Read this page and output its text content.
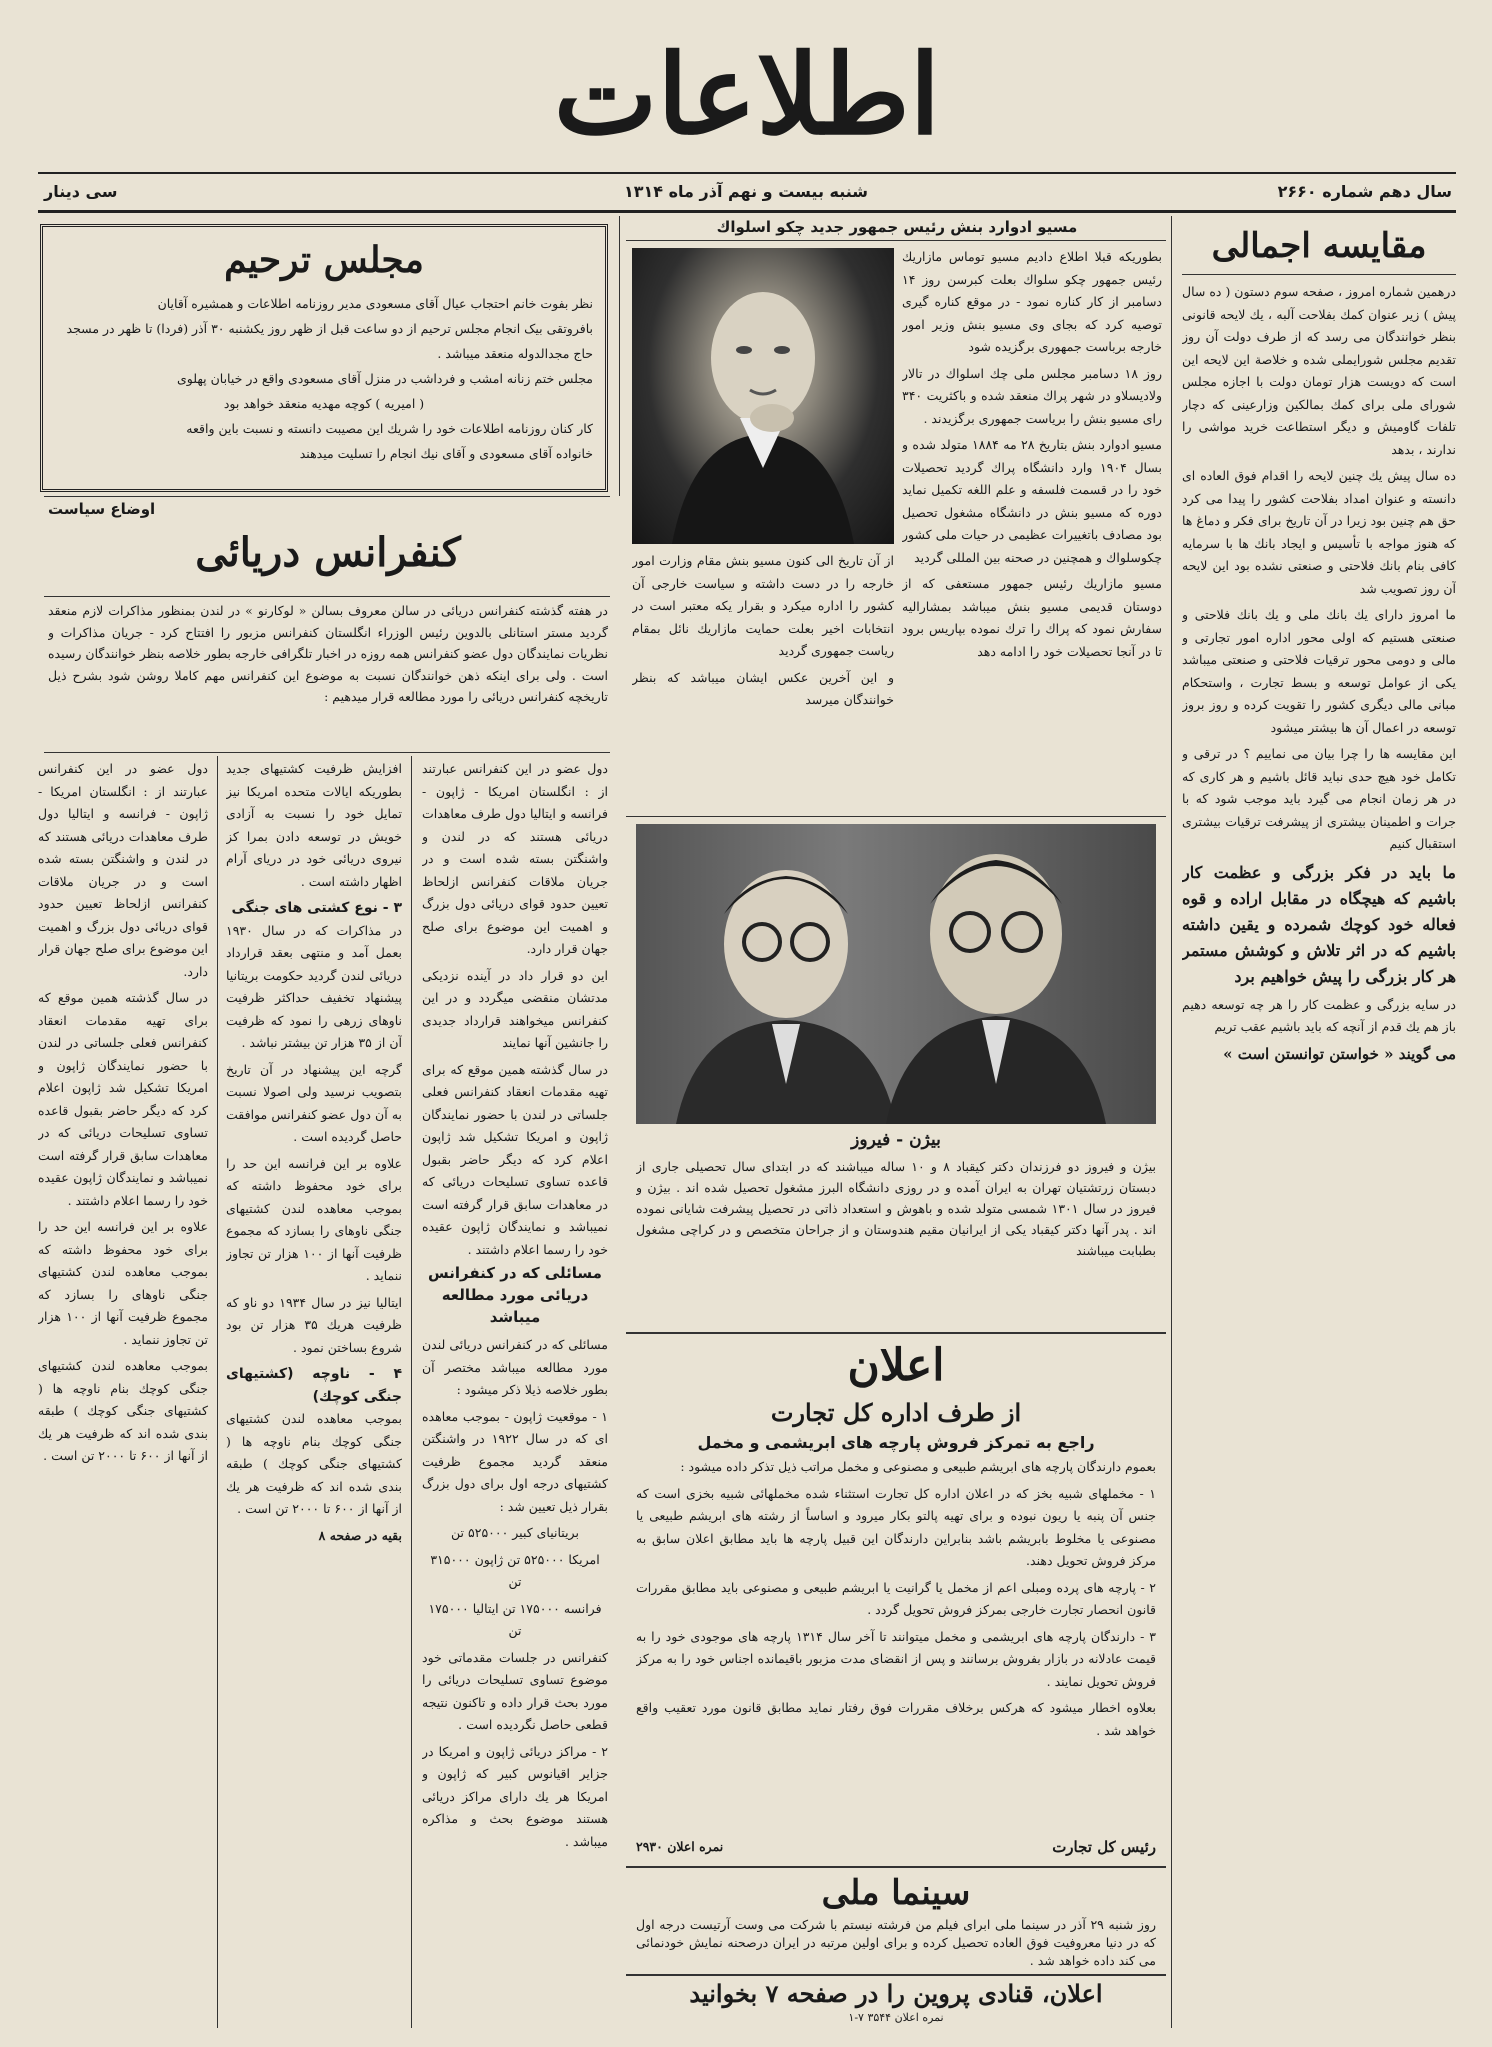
اطلاعات
سال دهم شماره ۲۶۶۰
شنبه بیست و نهم آذر ماه ۱۳۱۴
سی دینار
مقایسه اجمالی

درهمین شماره امروز ، صفحه سوم دستون ( ده سال پیش ) زیر عنوان کمك بفلاحت آلبه ، یك لایحه قانونی بنظر خوانندگان می رسد که از طرف دولت آن روز تقدیم مجلس شورایملی شده و خلاصة این لایحه این است که دویست هزار تومان دولت با اجازه مجلس شورای ملی برای کمك بمالکین وزارعینی که دچار تلفات گاومیش و دیگر استطاعت خرید مواشی را ندارند ، بدهد

ده سال پیش یك چنین لایحه را اقدام فوق العاده ای دانسته و عنوان امداد بفلاحت کشور را پیدا می کرد حق هم چنین بود زیرا در آن تاریخ برای فکر و دماغ ها که هنوز مواجه با تأسیس و ایجاد بانك ها با سرمایه کافی بنام بانك فلاحتی و صنعتی نشده بود این لایحه آن روز تصویب شد

ما امروز دارای یك بانك ملی و یك بانك فلاحتی و صنعتی هستیم که اولی محور اداره امور تجارتی و مالی و دومی محور ترقیات فلاحتی و صنعتی میباشد یکی از عوامل توسعه و بسط تجارت ، واستحکام مبانی مالی دیگری کشور را تقویت کرده و روز بروز توسعه در اعمال آن ها بیشتر میشود

این مقایسه ها را چرا بیان می نماییم ؟ در ترقی و تکامل خود هیچ حدی نباید قائل باشیم و هر کاری که در هر زمان انجام می گیرد باید موجب شود که با جرات و اطمینان بیشتری از پیشرفت ترقیات بیشتری استقبال کنیم

ما باید در فکر بزرگی و عظمت کار باشیم که هیچگاه در مقابل اراده و قوه فعاله خود کوچك شمرده و یقین داشته باشیم که در اثر تلاش و کوشش مستمر هر کار بزرگی را پیش خواهیم برد

در سایه بزرگی و عظمت کار را هر چه توسعه دهیم باز هم یك قدم از آنچه که باید باشیم عقب تریم

می گویند « خواستن توانستن است »

مسیو ادوارد بنش رئیس جمهور جدید چکو اسلواك

بطوریکه قبلا اطلاع دادیم مسیو توماس مازاریك رئیس جمهور چکو سلواك بعلت کبرسن روز ۱۴ دسامبر از کار کناره نمود - در موقع کناره گیری توصیه کرد که بجای وی مسیو بنش وزیر امور خارجه برباست جمهوری برگزیده شود

روز ۱۸ دسامبر مجلس ملی چك اسلواك در تالار ولادیسلاو در شهر پراك منعقد شده و باکثریت ۳۴۰ رای مسیو بنش را بریاست جمهوری برگزیدند .

مسیو ادوارد بنش بتاریخ ۲۸ مه ۱۸۸۴ متولد شده و بسال ۱۹۰۴ وارد دانشگاه پراك گردید تحصیلات خود را در قسمت فلسفه و علم اللغه تکمیل نماید دوره که مسیو بنش در دانشگاه مشغول تحصیل بود مصادف باتغییرات عظیمی در حیات ملی کشور چکوسلواك و همچنین در صحنه بین المللی گردید

مسیو مازاریك رئیس جمهور مستعفی که از دوستان قدیمی مسیو بنش میباشد بمشارالیه سفارش نمود که پراك را ترك نموده بپاریس برود تا در آنجا تحصیلات خود را ادامه دهد

از آن تاریخ الی کنون مسیو بنش مقام وزارت امور خارجه را در دست داشته و سیاست خارجی آن کشور را اداره میکرد و بقرار یکه معتبر است در انتخابات اخیر بعلت حمایت مازاریك نائل بمقام ریاست جمهوری گردید

و این آخرین عکس ایشان میباشد که بنظر خوانندگان میرسد

مجلس ترحیم

نظر بفوت خانم احتجاب عیال آقای مسعودی مدیر روزنامه اطلاعات و همشیره آقایان

بافروتقی بیک انجام مجلس ترحیم از دو ساعت قبل از ظهر روز یکشنبه ۳۰ آذر (فردا) تا ظهر در مسجد

حاج مجدالدوله منعقد میباشد .

مجلس ختم زنانه امشب و فرداشب در منزل آقای مسعودی واقع در خیابان پهلوی

( امیریه ) کوچه مهدیه منعقد خواهد بود

کار کنان روزنامه اطلاعات خود را شریك این مصیبت دانسته و نسبت باین واقعه

خانواده آقای مسعودی و آقای نیك انجام را تسلیت میدهند

اوضاع سیاست
کنفرانس دریائی
در هفته گذشته کنفرانس دریائی در سالن معروف بسالن « لوکارنو » در لندن بمنظور مذاکرات لازم منعقد گردید مستر استانلی بالدوین رئیس الوزراء انگلستان کنفرانس مزبور را افتتاح کرد - جریان مذاکرات و نظریات نمایندگان دول عضو کنفرانس همه روزه در اخبار تلگرافی خارجه بطور خلاصه بنظر خوانندگان رسیده است . ولی برای اینکه ذهن خوانندگان نسبت به موضوع این کنفرانس مهم کاملا روشن شود بشرح ذیل تاریخچه کنفرانس دریائی را مورد مطالعه قرار میدهیم :

دول عضو در این کنفرانس عبارتند از : انگلستان امریکا - ژاپون - فرانسه و ایتالیا دول طرف معاهدات دریائی هستند که در لندن و واشنگتن بسته شده است و در جریان ملاقات کنفرانس ازلحاظ تعیین حدود قوای دریائی دول بزرگ و اهمیت این موضوع برای صلح جهان قرار دارد.

این دو قرار داد در آینده نزدیکی مدتشان منقضی میگردد و در این کنفرانس میخواهند قرارداد جدیدی را جانشین آنها نمایند

در سال گذشته همین موقع که برای تهیه مقدمات انعقاد کنفرانس فعلی جلساتی در لندن با حضور نمایندگان ژاپون و امریکا تشکیل شد ژاپون اعلام کرد که دیگر حاضر بقبول قاعده تساوی تسلیحات دریائی که در معاهدات سابق قرار گرفته است نمیباشد و نمایندگان ژاپون عقیده خود را رسما اعلام داشتند .

مسائلی که در کنفرانس دریائی مورد مطالعه میباشد

مسائلی که در کنفرانس دریائی لندن مورد مطالعه میباشد مختصر آن بطور خلاصه ذیلا ذکر میشود :

۱ - موقعیت ژاپون - بموجب معاهده ای که در سال ۱۹۲۲ در واشنگتن منعقد گردید مجموع ظرفیت کشتیهای درجه اول برای دول بزرگ بقرار ذیل تعیین شد :

بریتانیای کبیر ۵۲۵۰۰۰ تن

امریکا ۵۲۵۰۰۰ تن ژاپون ۳۱۵۰۰۰ تن

فرانسه ۱۷۵۰۰۰ تن ایتالیا ۱۷۵۰۰۰ تن

کنفرانس در جلسات مقدماتی خود موضوع تساوی تسلیحات دریائی را مورد بحث قرار داده و تاکنون نتیجه قطعی حاصل نگردیده است .

۲ - مراکز دریائی ژاپون و امریکا در جزایر اقیانوس کبیر که ژاپون و امریکا هر یك دارای مراکز دریائی هستند موضوع بحث و مذاکره میباشد .

افزایش ظرفیت کشتیهای جدید بطوریکه ایالات متحده امریکا نیز تمایل خود را نسبت به آزادی خویش در توسعه دادن بمرا کز نیروی دریائی خود در دریای آرام اظهار داشته است .

۳ - نوع کشتی های جنگی

در مذاکرات که در سال ۱۹۳۰ بعمل آمد و منتهی بعقد قرارداد دریائی لندن گردید حکومت بریتانیا پیشنهاد تخفیف حداکثر ظرفیت ناوهای زرهی را نمود که ظرفیت آن از ۳۵ هزار تن بیشتر نباشد .

گرچه این پیشنهاد در آن تاریخ بتصویب نرسید ولی اصولا نسبت به آن دول عضو کنفرانس موافقت حاصل گردیده است .

علاوه بر این فرانسه این حد را برای خود محفوظ داشته که بموجب معاهده لندن کشتیهای جنگی ناوهای را بسازد که مجموع ظرفیت آنها از ۱۰۰ هزار تن تجاوز ننماید .

ایتالیا نیز در سال ۱۹۳۴ دو ناو که ظرفیت هریك ۳۵ هزار تن بود شروع بساختن نمود .

۴ - ناوچه (کشتیهای جنگی کوچك)

بموجب معاهده لندن کشتیهای جنگی کوچك بنام ناوچه ها ( کشتیهای جنگی کوچك ) طبقه بندی شده اند که ظرفیت هر یك از آنها از ۶۰۰ تا ۲۰۰۰ تن است .

بقیه در صفحه ۸

دول عضو در این کنفرانس عبارتند از : انگلستان امریکا - ژاپون - فرانسه و ایتالیا دول طرف معاهدات دریائی هستند که در لندن و واشنگتن بسته شده است و در جریان ملاقات کنفرانس ازلحاظ تعیین حدود قوای دریائی دول بزرگ و اهمیت این موضوع برای صلح جهان قرار دارد.

در سال گذشته همین موقع که برای تهیه مقدمات انعقاد کنفرانس فعلی جلساتی در لندن با حضور نمایندگان ژاپون و امریکا تشکیل شد ژاپون اعلام کرد که دیگر حاضر بقبول قاعده تساوی تسلیحات دریائی که در معاهدات سابق قرار گرفته است نمیباشد و نمایندگان ژاپون عقیده خود را رسما اعلام داشتند .

علاوه بر این فرانسه این حد را برای خود محفوظ داشته که بموجب معاهده لندن کشتیهای جنگی ناوهای را بسازد که مجموع ظرفیت آنها از ۱۰۰ هزار تن تجاوز ننماید .

بموجب معاهده لندن کشتیهای جنگی کوچك بنام ناوچه ها ( کشتیهای جنگی کوچك ) طبقه بندی شده اند که ظرفیت هر یك از آنها از ۶۰۰ تا ۲۰۰۰ تن است .

بیژن - فیروز
بیژن و فیروز دو فرزندان دکتر کیقباد ۸ و ۱۰ ساله میباشند که در ابتدای سال تحصیلی جاری از دبستان زرتشتیان تهران به ایران آمده و در روزی دانشگاه البرز مشغول تحصیل شده اند . بیژن و فیروز در سال ۱۳۰۱ شمسی متولد شده و باهوش و استعداد ذاتی در تحصیل پیشرفت شایانی نموده اند . پدر آنها دکتر کیقباد یکی از ایرانیان مقیم هندوستان و از جراحان متخصص و در کراچی مشغول بطبابت میباشند
اعلان
از طرف اداره کل تجارت
راجع به تمرکز فروش پارچه های ابریشمی و مخمل

بعموم دارندگان پارچه های ابریشم طبیعی و مصنوعی و مخمل مراتب ذیل تذکر داده میشود :

۱ - مخملهای شبیه بخز که در اعلان اداره کل تجارت استثناء شده مخملهائی شبیه بخزی است که جنس آن پنبه یا ریون نبوده و برای تهیه پالتو بکار میرود و اساساً از رشته های ابریشم طبیعی یا مصنوعی یا مخلوط بابریشم باشد بنابراین دارندگان این قبیل پارچه ها باید مطابق اعلان سابق به مرکز فروش تحویل دهند.

۲ - پارچه های پرده ومبلی اعم از مخمل یا گرانیت یا ابریشم طبیعی و مصنوعی باید مطابق مقررات قانون انحصار تجارت خارجی بمرکز فروش تحویل گردد .

۳ - دارندگان پارچه های ابریشمی و مخمل میتوانند تا آخر سال ۱۳۱۴ پارچه های موجودی خود را به قیمت عادلانه در بازار بفروش برسانند و پس از انقضای مدت مزبور باقیمانده اجناس خود را به مرکز فروش تحویل نمایند .

بعلاوه اخطار میشود که هرکس برخلاف مقررات فوق رفتار نماید مطابق قانون مورد تعقیب واقع خواهد شد .

رئیس کل تجارت
نمره اعلان ۲۹۳۰
سینما ملی
روز شنبه ۲۹ آذر در سینما ملی ابرای فیلم من فرشته نیستم با شرکت می وست آرتیست درجه اول که در دنیا معروفیت فوق العاده تحصیل کرده و برای اولین مرتبه در ایران درصحنه نمایش خودنمائی می کند داده خواهد شد .
اعلان، قنادی پروین را در صفحه ۷ بخوانید
نمره اعلان ۳۵۴۴ ۷-۱
